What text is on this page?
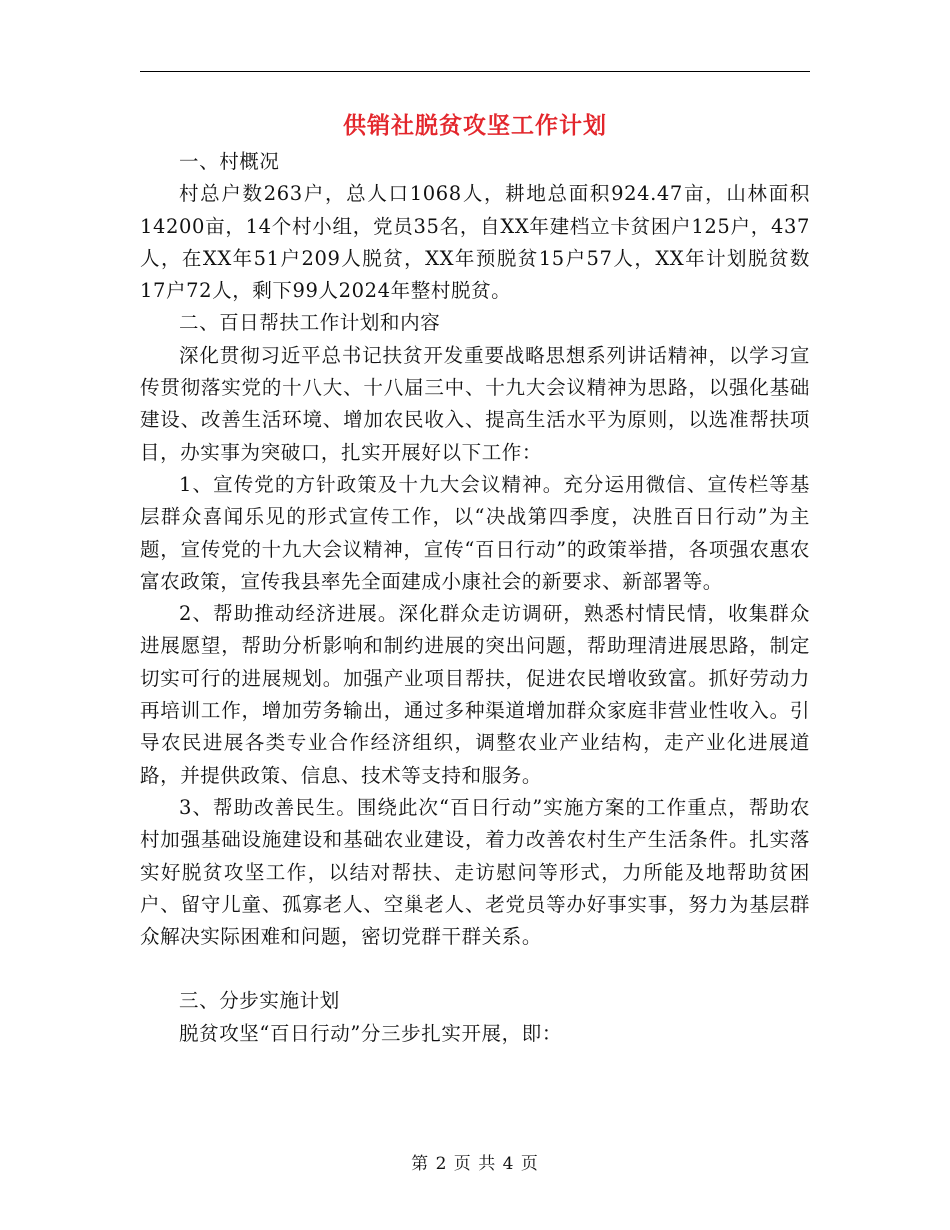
供销社脱贫攻坚工作计划

一、村概况

村总户数263户，总人口1068人，耕地总面积924.47亩，山林面积14200亩，14个村小组，党员35名，自XX年建档立卡贫困户125户，437人，在XX年51户209人脱贫，XX年预脱贫15户57人，XX年计划脱贫数17户72人，剩下99人2024年整村脱贫。

二、百日帮扶工作计划和内容

深化贯彻习近平总书记扶贫开发重要战略思想系列讲话精神，以学习宣传贯彻落实党的十八大、十八届三中、十九大会议精神为思路，以强化基础建设、改善生活环境、增加农民收入、提高生活水平为原则，以选准帮扶项目，办实事为突破口，扎实开展好以下工作：

1、宣传党的方针政策及十九大会议精神。充分运用微信、宣传栏等基层群众喜闻乐见的形式宣传工作，以“决战第四季度，决胜百日行动”为主题，宣传党的十九大会议精神，宣传“百日行动”的政策举措，各项强农惠农富农政策，宣传我县率先全面建成小康社会的新要求、新部署等。

2、帮助推动经济进展。深化群众走访调研，熟悉村情民情，收集群众进展愿望，帮助分析影响和制约进展的突出问题，帮助理清进展思路，制定切实可行的进展规划。加强产业项目帮扶，促进农民增收致富。抓好劳动力再培训工作，增加劳务输出，通过多种渠道增加群众家庭非营业性收入。引导农民进展各类专业合作经济组织，调整农业产业结构，走产业化进展道路，并提供政策、信息、技术等支持和服务。

3、帮助改善民生。围绕此次“百日行动”实施方案的工作重点，帮助农村加强基础设施建设和基础农业建设，着力改善农村生产生活条件。扎实落实好脱贫攻坚工作，以结对帮扶、走访慰问等形式，力所能及地帮助贫困户、留守儿童、孤寡老人、空巢老人、老党员等办好事实事，努力为基层群众解决实际困难和问题，密切党群干群关系。

三、分步实施计划

脱贫攻坚“百日行动”分三步扎实开展，即：

第 2 页 共 4 页
